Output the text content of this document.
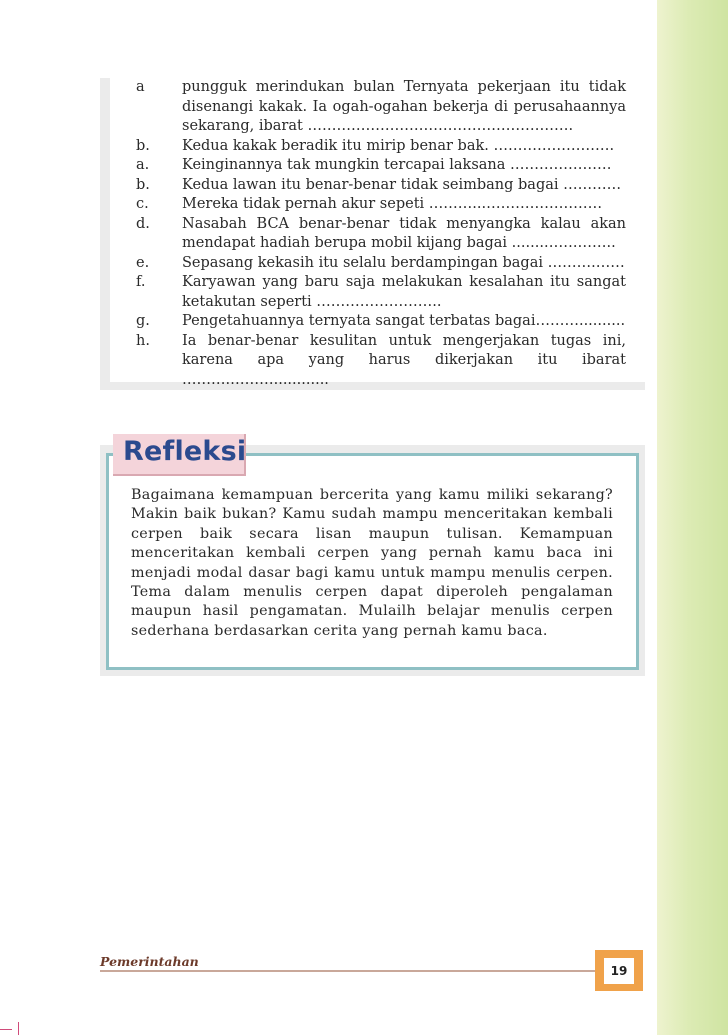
a	pungguk merindukan bulan Ternyata pekerjaan itu tidak disenangi kakak. Ia ogah-ogahan bekerja di perusahaannya sekarang, ibarat ……………………………………………….
b.	Kedua kakak beradik itu mirip benar bak. …………………….
a.	Keinginannya tak mungkin tercapai laksana …………………
b.	Kedua lawan itu benar-benar tidak seimbang bagai …………
c.	Mereka tidak pernah akur sepeti ………...……………………
d.	Nasabah BCA benar-benar tidak menyangka kalau akan mendapat hadiah berupa mobil kijang bagai .......…….……..
e.	Sepasang kekasih itu selalu berdampingan bagai ……….……
f.	Karyawan yang baru saja melakukan kesalahan itu sangat ketakutan seperti ……………………..
g.	Pengetahuannya ternyata sangat terbatas bagai………..........
h.	Ia benar-benar kesulitan untuk mengerjakan tugas ini, karena apa yang harus dikerjakan itu ibarat ……….………............
Refleksi
Bagaimana kemampuan bercerita yang kamu miliki sekarang? Makin baik bukan? Kamu sudah mampu menceritakan kembali cerpen baik secara lisan maupun tulisan. Kemampuan menceritakan kembali cerpen yang pernah kamu baca ini menjadi modal dasar bagi kamu untuk mampu menulis cerpen. Tema dalam menulis cerpen dapat diperoleh pengalaman maupun hasil pengamatan. Mulailh belajar menulis cerpen sederhana berdasarkan cerita yang pernah kamu baca.
Pemerintahan
19
